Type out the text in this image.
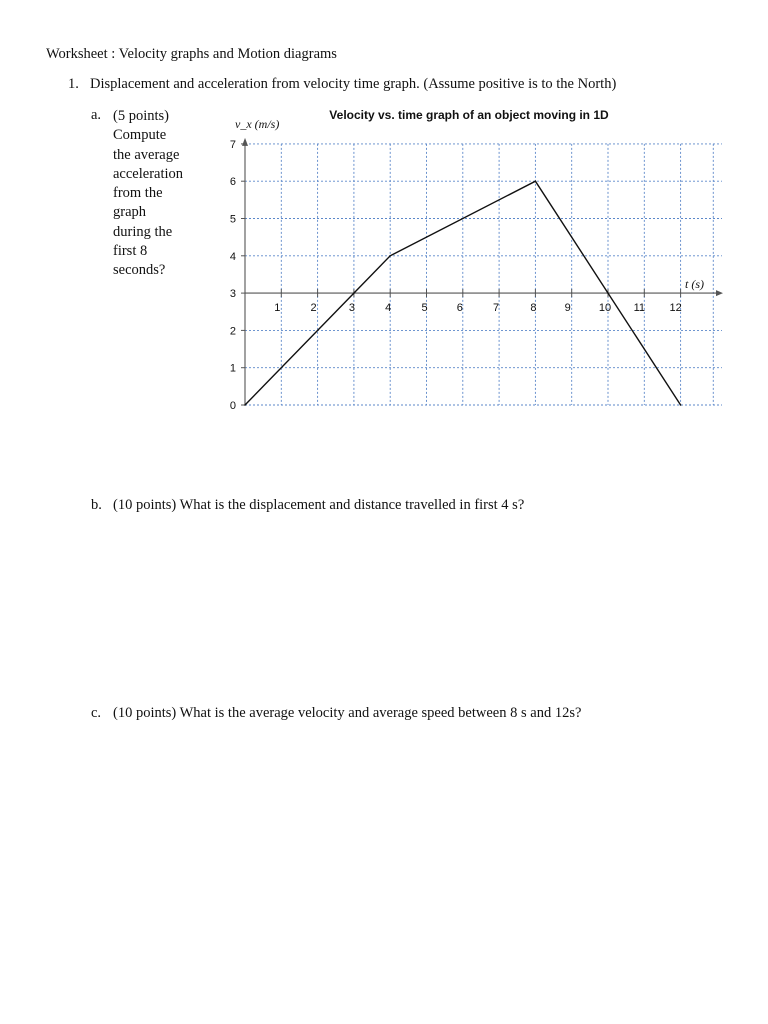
Worksheet : Velocity graphs and Motion diagrams
1. Displacement and acceleration from velocity time graph. (Assume positive is to the North)
a. (5 points)
Compute
the average
acceleration
from the
graph
during the
first 8
seconds?
Velocity vs. time graph of an object moving in 1D
v_x (m/s)
t (s)
0
1
2
3
4
5
6
7
1	2	3	4	5	6	7	8	9	10 11 12
b. (10 points) What is the displacement and distance travelled in first 4 s?
c. (10 points) What is the average velocity and average speed between 8 s and 12s?
